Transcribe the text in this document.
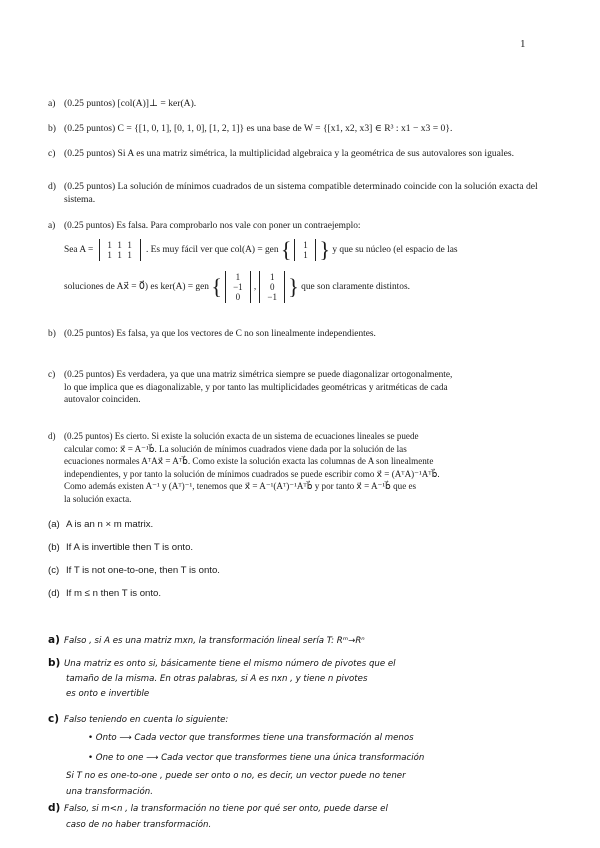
1
a) (0.25 puntos) [col(A)]⊥ = ker(A).
b) (0.25 puntos) C = {[1, 0, 1], [0, 1, 0], [1, 2, 1]} es una base de W = {[x1, x2, x3] ∈ R³ : x1 − x3 = 0}.
c) (0.25 puntos) Si A es una matriz simétrica, la multiplicidad algebraica y la geométrica de sus autovalores son iguales.
d) (0.25 puntos) La solución de mínimos cuadrados de un sistema compatible determinado coincide con la solución exacta del sistema.
a) (0.25 puntos) Es falsa. Para comprobarlo nos vale con poner un contraejemplo:
Sea A =
1 1 1
1 1 1 . Es muy fácil ver que col(A) = gen {	1
1 } y que su núcleo (el espacio de las
soluciones de Ax⃗ = 0⃗) es ker(A) = gen {	1
−1
0
,
1
0
−1 } que son claramente distintos.
b) (0.25 puntos) Es falsa, ya que los vectores de C no son linealmente independientes.
c) (0.25 puntos) Es verdadera, ya que una matriz simétrica siempre se puede diagonalizar ortogonalmente,
lo que implica que es diagonalizable, y por tanto las multiplicidades geométricas y aritméticas de cada
autovalor coinciden.
d) (0.25 puntos) Es cierto. Si existe la solución exacta de un sistema de ecuaciones lineales se puede
calcular como: x⃗ = A⁻¹b⃗. La solución de mínimos cuadrados viene dada por la solución de las
ecuaciones normales AᵀAx⃗ = Aᵀb⃗. Como existe la solución exacta las columnas de A son linealmente
independientes, y por tanto la solución de mínimos cuadrados se puede escribir como x⃗ = (AᵀA)⁻¹Aᵀb⃗.
Como además existen A⁻¹ y (Aᵀ)⁻¹, tenemos que x⃗ = A⁻¹(Aᵀ)⁻¹Aᵀb⃗ y por tanto x⃗ = A⁻¹b⃗ que es
la solución exacta.
(a) A is an n × m matrix.
(b) If A is invertible then T is onto.
(c) If T is not one-to-one, then T is onto.
(d) If m ≤ n then T is onto.
a) Falso , si A es una matriz mxn, la transformación lineal sería T: Rᵐ→Rⁿ
b) Una matriz es onto si, básicamente tiene el mismo número de pivotes que el
tamaño de la misma. En otras palabras, si A es nxn , y tiene n pivotes
es onto e invertible
c) Falso teniendo en cuenta lo siguiente:
• Onto ⟶ Cada vector que transformes tiene una transformación al menos
• One to one ⟶ Cada vector que transformes tiene una única transformación
Si T no es one-to-one , puede ser onto o no, es decir, un vector puede no tener
una transformación.
d) Falso, si m<n , la transformación no tiene por qué ser onto, puede darse el
caso de no haber transformación.
